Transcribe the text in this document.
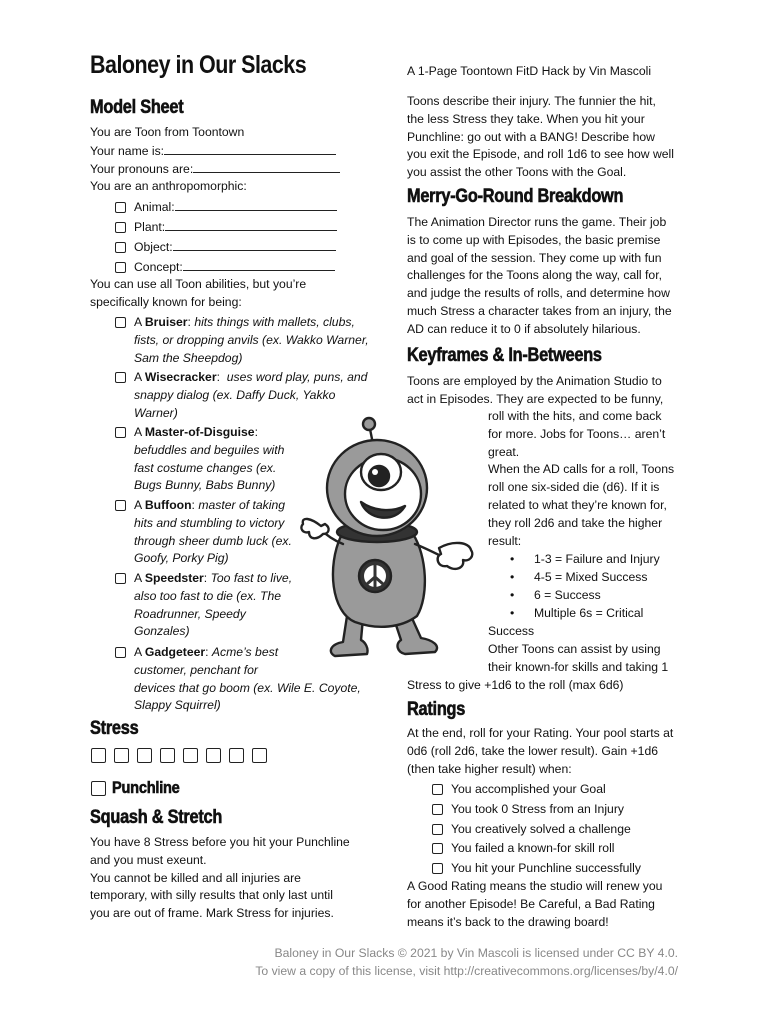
Baloney in Our Slacks	A 1-Page Toontown FitD Hack by Vin Mascoli
Model Sheet
You are Toon from Toontown
Your name is:
Your pronouns are:
You are an anthropomorphic:
Animal:
Plant:
Object:
Concept:
You can use all Toon abilities, but you’re
specifically known for being:
A Bruiser: hits things with mallets, clubs,
fists, or dropping anvils (ex. Wakko Warner,
Sam the Sheepdog)
A Wisecracker:  uses word play, puns, and
snappy dialog (ex. Daffy Duck, Yakko
Warner)
A Master-of-Disguise:
befuddles and beguiles with
fast costume changes (ex.
Bugs Bunny, Babs Bunny)
A Buffoon: master of taking
hits and stumbling to victory
through sheer dumb luck (ex.
Goofy, Porky Pig)
A Speedster: Too fast to live,
also too fast to die (ex. The
Roadrunner, Speedy
Gonzales)
A Gadgeteer: Acme’s best
customer, penchant for
devices that go boom (ex. Wile E. Coyote,
Slappy Squirrel)
Stress
Punchline
Squash & Stretch
You have 8 Stress before you hit your Punchline
and you must exeunt.
You cannot be killed and all injuries are
temporary, with silly results that only last until
you are out of frame. Mark Stress for injuries.
Toons describe their injury. The funnier the hit,
the less Stress they take. When you hit your
Punchline: go out with a BANG! Describe how
you exit the Episode, and roll 1d6 to see how well
you assist the other Toons with the Goal.
Merry-Go-Round Breakdown
The Animation Director runs the game. Their job
is to come up with Episodes, the basic premise
and goal of the session. They come up with fun
challenges for the Toons along the way, call for,
and judge the results of rolls, and determine how
much Stress a character takes from an injury, the
AD can reduce it to 0 if absolutely hilarious.
Keyframes & In-Betweens
Toons are employed by the Animation Studio to
act in Episodes. They are expected to be funny,
roll with the hits, and come back
for more. Jobs for Toons… aren’t
great.
When the AD calls for a roll, Toons
roll one six-sided die (d6). If it is
related to what they’re known for,
they roll 2d6 and take the higher
result:
• 1-3 = Failure and Injury
• 4-5 = Mixed Success
• 6 = Success
• Multiple 6s = Critical
Success
Other Toons can assist by using
their known-for skills and taking 1
Stress to give +1d6 to the roll (max 6d6)
Ratings
At the end, roll for your Rating. Your pool starts at
0d6 (roll 2d6, take the lower result). Gain +1d6
(then take higher result) when:
You accomplished your Goal
You took 0 Stress from an Injury
You creatively solved a challenge
You failed a known-for skill roll
You hit your Punchline successfully
A Good Rating means the studio will renew you
for another Episode! Be Careful, a Bad Rating
means it’s back to the drawing board!
Baloney in Our Slacks © 2021 by Vin Mascoli is licensed under CC BY 4.0.
To view a copy of this license, visit http://creativecommons.org/licenses/by/4.0/
